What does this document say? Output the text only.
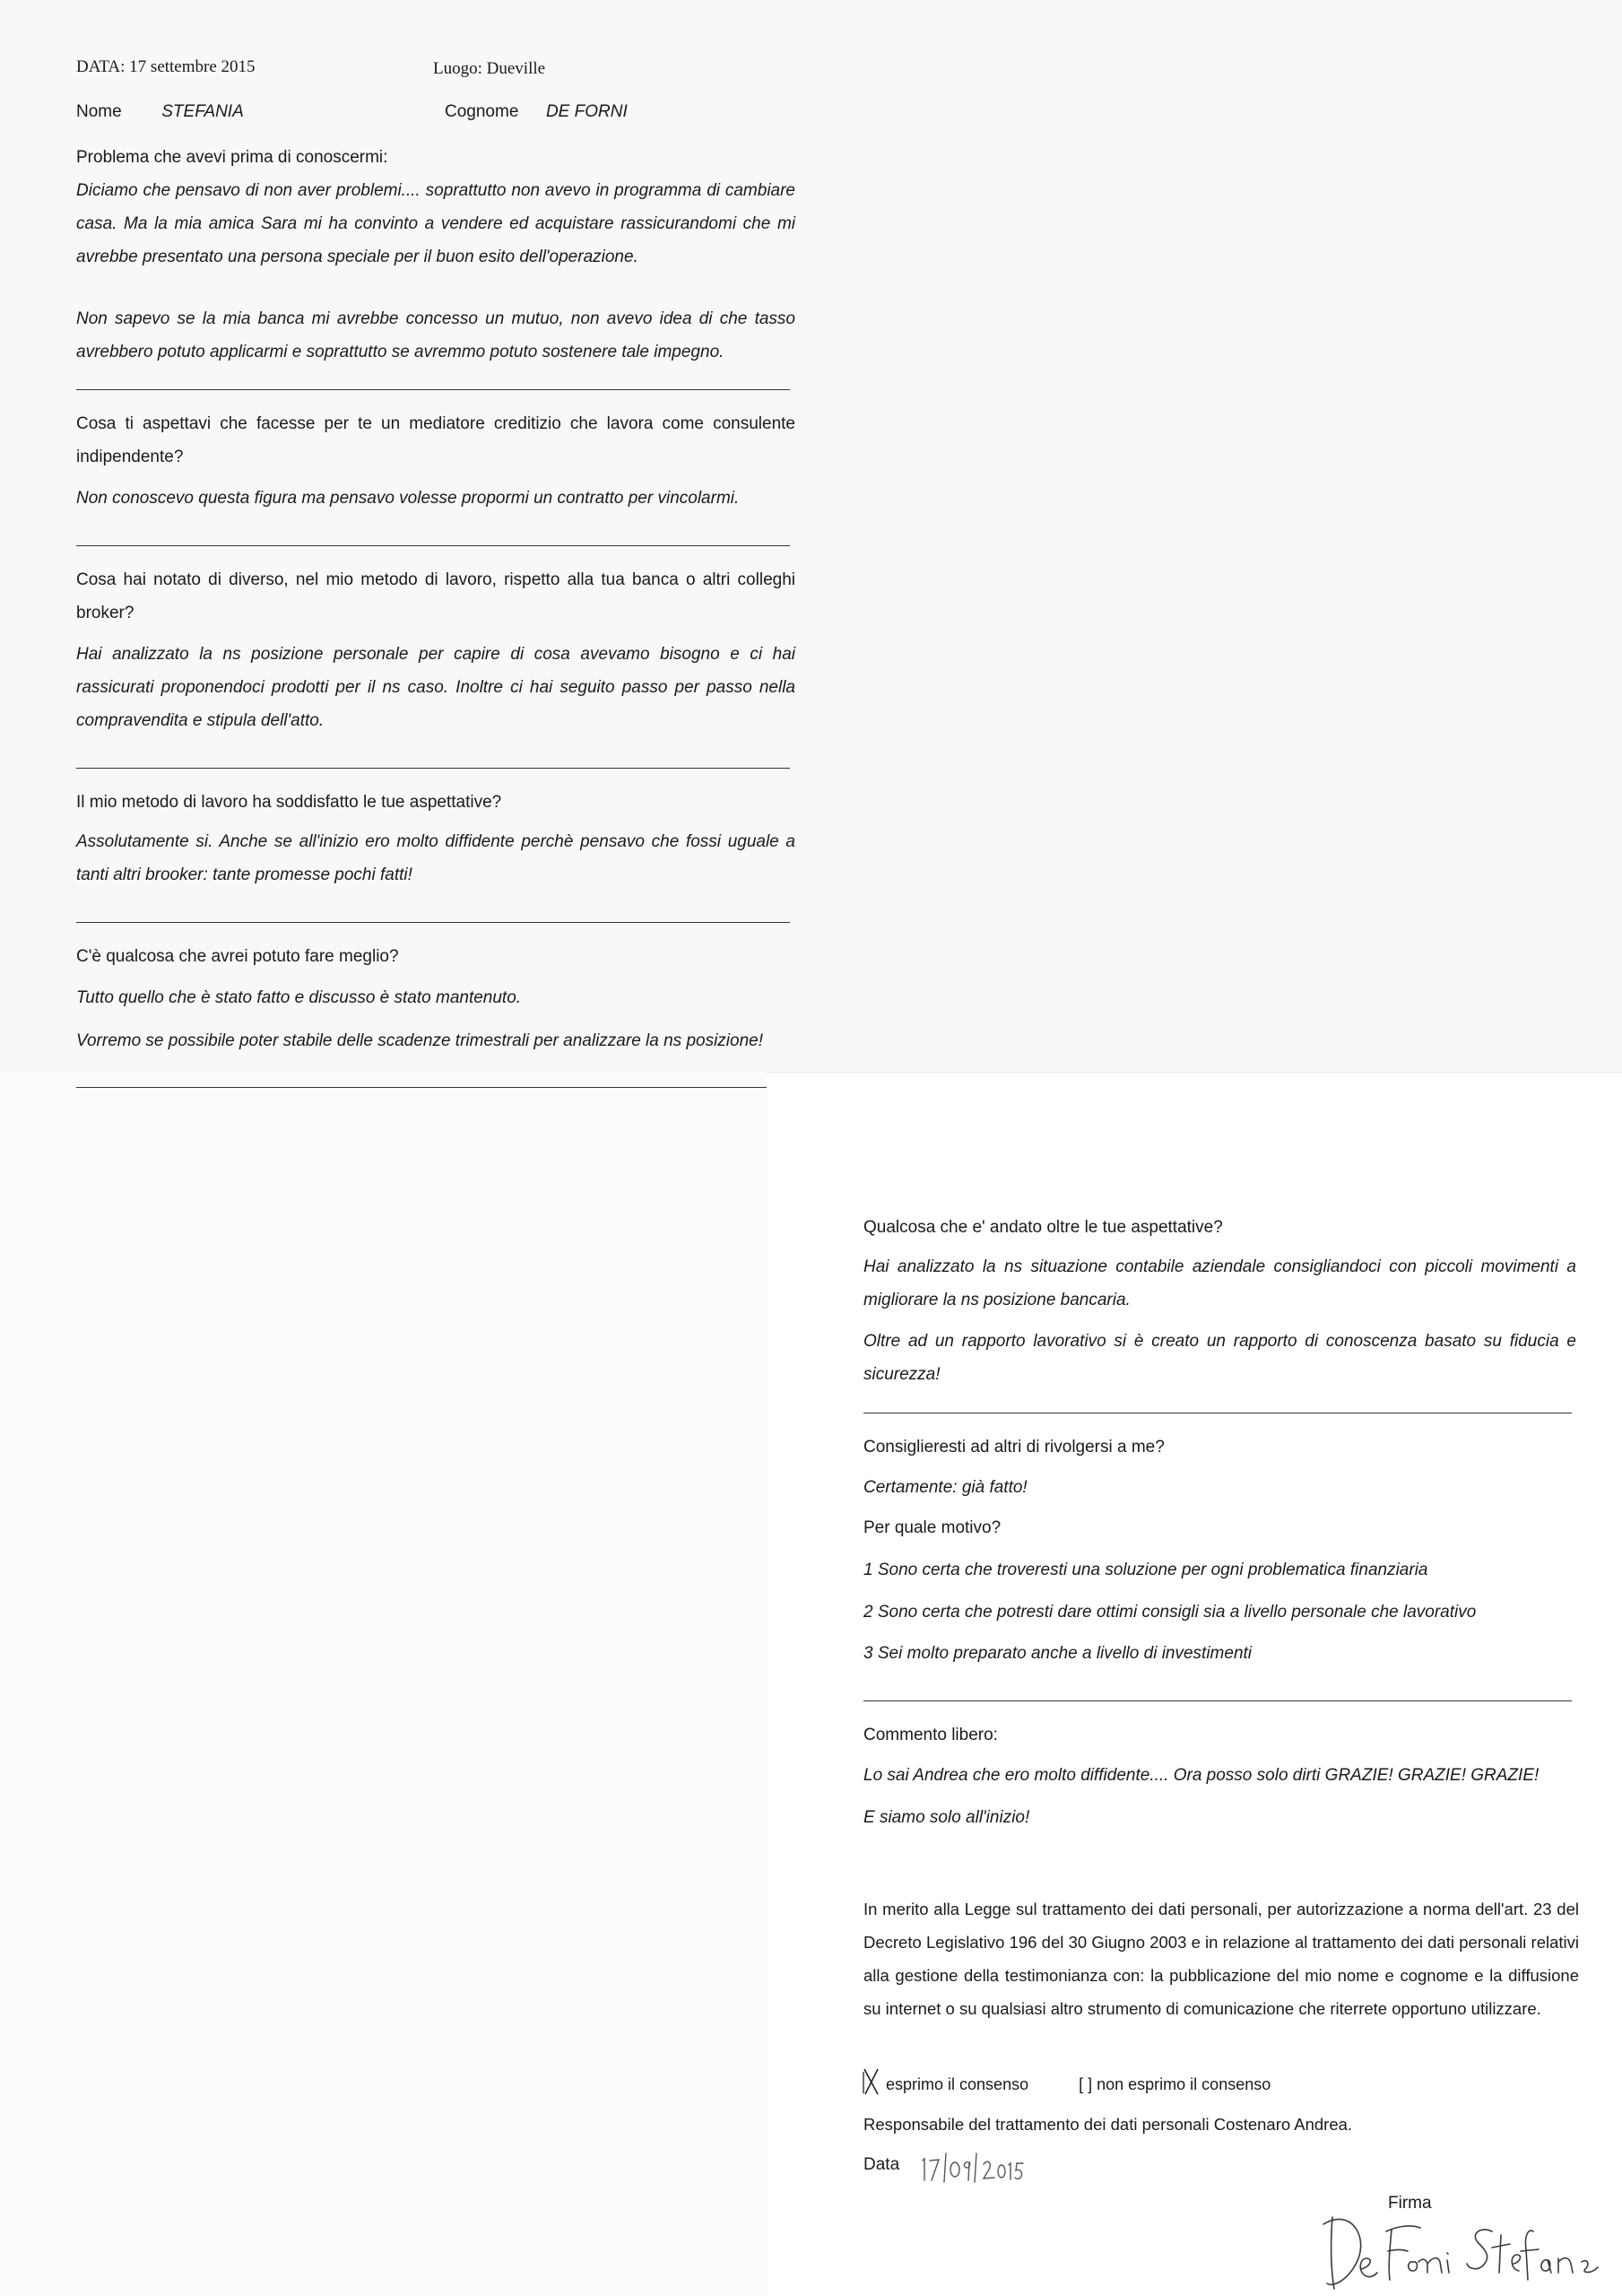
DATA: 17 settembre 2015	Luogo: Dueville
Nome STEFANIA	Cognome DE FORNI
Problema che avevi prima di conoscermi:
Diciamo che pensavo di non aver problemi.... soprattutto non avevo in programma di cambiare casa. Ma la mia amica Sara mi ha convinto a vendere ed acquistare rassicurandomi che mi avrebbe presentato una persona speciale per il buon esito dell'operazione.
Non sapevo se la mia banca mi avrebbe concesso un mutuo, non avevo idea di che tasso avrebbero potuto applicarmi e soprattutto se avremmo potuto sostenere tale impegno.
Cosa ti aspettavi che facesse per te un mediatore creditizio che lavora come consulente indipendente?
Non conoscevo questa figura ma pensavo volesse propormi un contratto per vincolarmi.
Cosa hai notato di diverso, nel mio metodo di lavoro, rispetto alla tua banca o altri colleghi broker?
Hai analizzato la ns posizione personale per capire di cosa avevamo bisogno e ci hai rassicurati proponendoci prodotti per il ns caso. Inoltre ci hai seguito passo per passo nella compravendita e stipula dell'atto.
Il mio metodo di lavoro ha soddisfatto le tue aspettative?
Assolutamente si. Anche se all'inizio ero molto diffidente perchè pensavo che fossi uguale a tanti altri brooker: tante promesse pochi fatti!
C'è qualcosa che avrei potuto fare meglio?
Tutto quello che è stato fatto e discusso è stato mantenuto.
Vorremo se possibile poter stabile delle scadenze trimestrali per analizzare la ns posizione!
Qualcosa che e' andato oltre le tue aspettative?
Hai analizzato la ns situazione contabile aziendale consigliandoci con piccoli movimenti a migliorare la ns posizione bancaria.
Oltre ad un rapporto lavorativo si è creato un rapporto di conoscenza basato su fiducia e sicurezza!
Consiglieresti ad altri di rivolgersi a me?
Certamente: già fatto!
Per quale motivo?
1 Sono certa che troveresti una soluzione per ogni problematica finanziaria
2 Sono certa che potresti dare ottimi consigli sia a livello personale che lavorativo
3 Sei molto preparato anche a livello di investimenti
Commento libero:
Lo sai Andrea che ero molto diffidente.... Ora posso solo dirti GRAZIE! GRAZIE! GRAZIE!
E siamo solo all'inizio!
In merito alla Legge sul trattamento dei dati personali, per autorizzazione a norma dell'art. 23 del Decreto Legislativo 196 del 30 Giugno 2003 e in relazione al trattamento dei dati personali relativi alla gestione della testimonianza con: la pubblicazione del mio nome e cognome e la diffusione su internet o su qualsiasi altro strumento di comunicazione che riterrete opportuno utilizzare.
esprimo il consenso	[ ] non esprimo il consenso
Responsabile del trattamento dei dati personali Costenaro Andrea.
Data
Firma
